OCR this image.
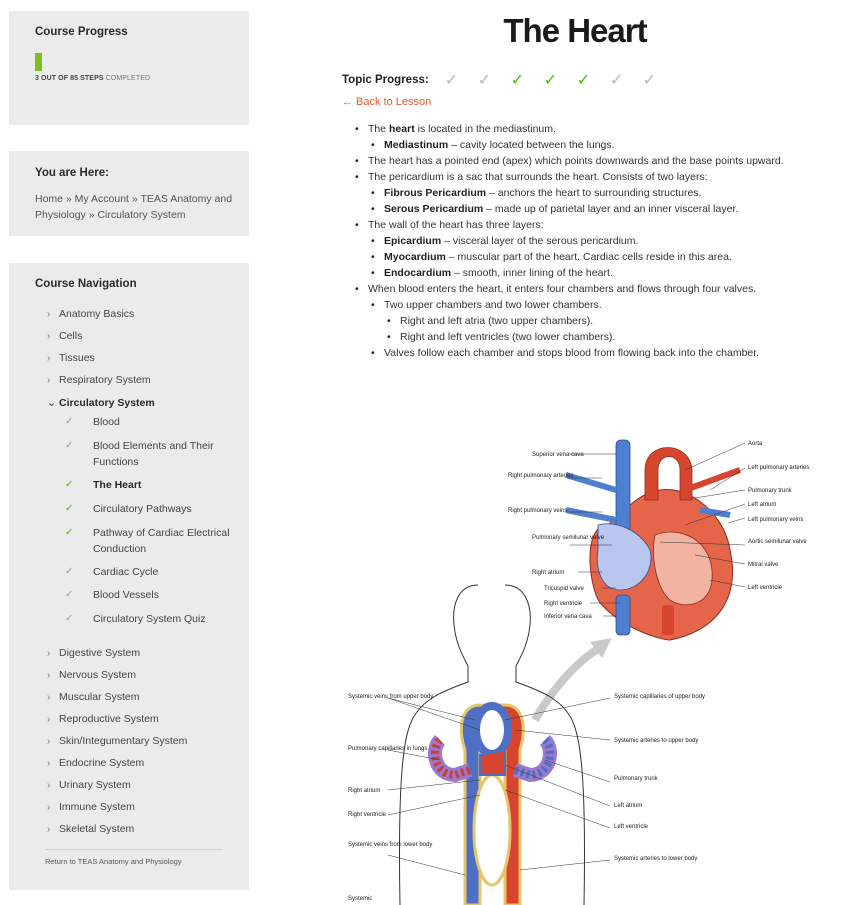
Course Progress
3 OUT OF 85 STEPS COMPLETED
You are Here:
Home » My Account » TEAS Anatomy and Physiology » Circulatory System
Course Navigation
› Anatomy Basics
› Cells
› Tissues
› Respiratory System
⌄ Circulatory System
✓	Blood
✓	Blood Elements and Their Functions
✓	The Heart
✓	Circulatory Pathways
✓	Pathway of Cardiac Electrical Conduction
✓	Cardiac Cycle
✓	Blood Vessels
✓	Circulatory System Quiz
› Digestive System
› Nervous System
› Muscular System
› Reproductive System
› Skin/Integumentary System
› Endocrine System
› Urinary System
› Immune System
› Skeletal System
Return to TEAS Anatomy and Physiology
The Heart
Topic Progress: ✓	✓	✓	✓	✓	✓	✓
← Back to Lesson
• The heart is located in the mediastinum.
• Mediastinum – cavity located between the lungs.
• The heart has a pointed end (apex) which points downwards and the base points upward.
• The pericardium is a sac that surrounds the heart. Consists of two layers:
• Fibrous Pericardium – anchors the heart to surrounding structures.
• Serous Pericardium – made up of parietal layer and an inner visceral layer.
• The wall of the heart has three layers:
• Epicardium – visceral layer of the serous pericardium.
• Myocardium – muscular part of the heart. Cardiac cells reside in this area.
• Endocardium – smooth, inner lining of the heart.
• When blood enters the heart, it enters four chambers and flows through four valves.
• Two upper chambers and two lower chambers.
• Right and left atria (two upper chambers).
• Right and left ventricles (two lower chambers).
• Valves follow each chamber and stops blood from flowing back into the chamber.
Superior vena cava
Right pulmonary arteries
Right pulmonary veins
Pulmonary semilunar valve
Right atrium
Tricuspid valve
Right ventricle
Inferior vena cava
Aorta
Left pulmonary arteries
Pulmonary trunk
Left atrium
Left pulmonary veins
Aortic semilunar valve
Mitral valve
Left ventricle
Systemic veins from upper body
Pulmonary capillaries in lungs
Right atrium
Right ventricle
Systemic veins from lower body
Systemic
Systemic capillaries of upper body
Systemic arteries to upper body
Pulmonary trunk
Left atrium
Left ventricle
Systemic arteries to lower body
